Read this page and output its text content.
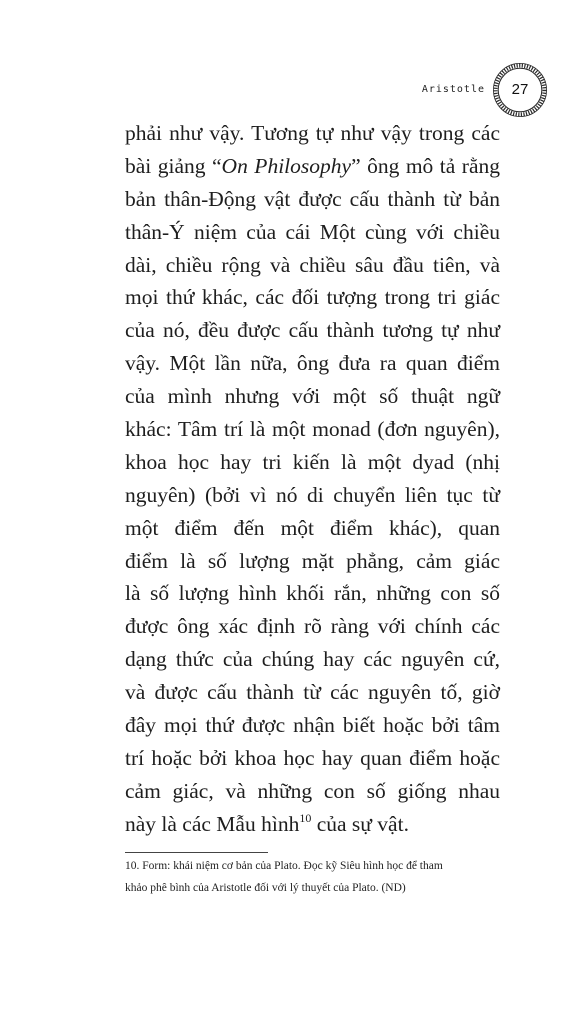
Aristotle	27
phải như vậy. Tương tự như vậy trong các
bài giảng “On Philosophy” ông mô tả rằng
bản thân-Động vật được cấu thành từ bản
thân-Ý niệm của cái Một cùng với chiều
dài, chiều rộng và chiều sâu đầu tiên, và
mọi thứ khác, các đối tượng trong tri giác
của nó, đều được cấu thành tương tự như
vậy. Một lần nữa, ông đưa ra quan điểm
của mình nhưng với một số thuật ngữ
khác: Tâm trí là một monad (đơn nguyên),
khoa học hay tri kiến là một dyad (nhị
nguyên) (bởi vì nó di chuyển liên tục từ
một điểm đến một điểm khác), quan
điểm là số lượng mặt phẳng, cảm giác
là số lượng hình khối rắn, những con số
được ông xác định rõ ràng với chính các
dạng thức của chúng hay các nguyên cứ,
và được cấu thành từ các nguyên tố, giờ
đây mọi thứ được nhận biết hoặc bởi tâm
trí hoặc bởi khoa học hay quan điểm hoặc
cảm giác, và những con số giống nhau
này là các Mẫu hình$^{10}$ của sự vật.
10. Form: khái niệm cơ bản của Plato. Đọc kỹ Siêu hình học để tham
khảo phê bình của Aristotle đối với lý thuyết của Plato. (ND)
